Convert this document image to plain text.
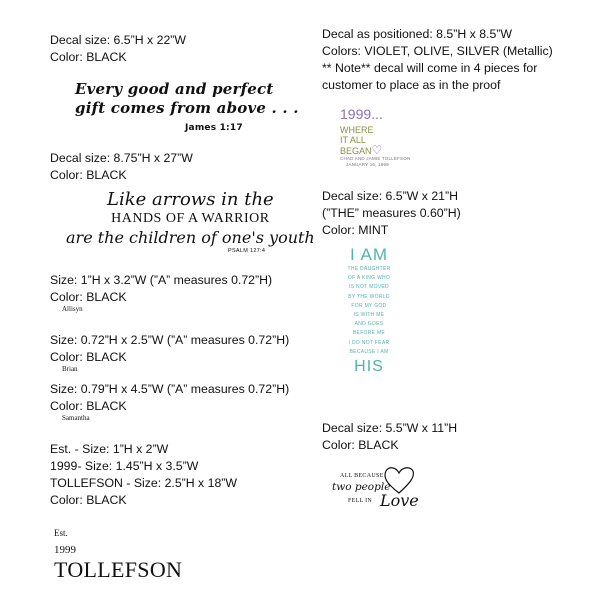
Decal size: 6.5”H x 22”W
Color: BLACK
Every good and perfect
gift comes from above . . .
James 1:17
Decal size: 8.75”H x 27”W
Color: BLACK
Like arrows in the
HANDS OF A WARRIOR
are the children of one's youth
PSALM 127:4
Size: 1”H x 3.2”W (”A” measures 0.72”H)
Color: BLACK
Allisyn
Size: 0.72”H x 2.5”W (”A” measures 0.72”H)
Color: BLACK
Brian
Size: 0.79”H x 4.5”W (”A” measures 0.72”H)
Color: BLACK
Samantha
Est. - Size: 1”H x 2”W
1999- Size: 1.45”H x 3.5”W
TOLLEFSON - Size: 2.5”H x 18”W
Color: BLACK
Est.
1999
TOLLEFSON
Decal as positioned: 8.5”H x 8.5”W
Colors: VIOLET, OLIVE, SILVER (Metallic)
** Note** decal will come in 4 pieces for
customer to place as in the proof
1999...
WHERE
IT ALL
BEGAN♡
CHAD AND JAMIE TOLLEFSON
JANUARY 16, 1999
Decal size: 6.5”W x 21”H
(”THE” measures 0.60”H)
Color: MINT
I AM
THE DAUGHTER
OF A KING WHO
IS NOT MOVED
BY THE WORLD
FOR MY GOD
IS WITH ME
AND GOES
BEFORE ME
I DO NOT FEAR
BECAUSE I AM
HIS
Decal size: 5.5”W x 11”H
Color: BLACK
ALL BECAUSE
two people
FELL IN Love
